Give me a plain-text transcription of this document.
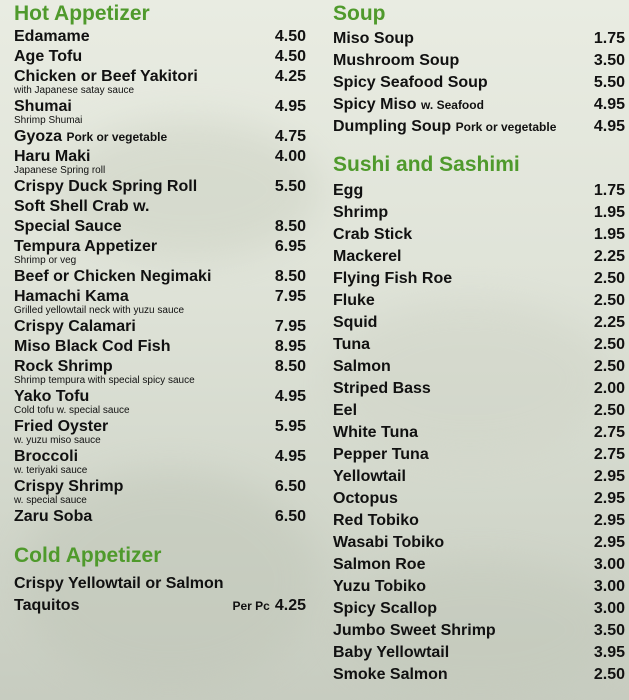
Hot Appetizer
Edamame	4.50
Age Tofu	4.50
Chicken or Beef Yakitori	4.25
with Japanese satay sauce
Shumai	4.95
Shrimp Shumai
Gyoza Pork or vegetable	4.75
Haru Maki	4.00
Japanese Spring roll
Crispy Duck Spring Roll	5.50
Soft Shell Crab w.
Special Sauce	8.50
Tempura Appetizer	6.95
Shrimp or veg
Beef or Chicken Negimaki	8.50
Hamachi Kama	7.95
Grilled yellowtail neck with yuzu sauce
Crispy Calamari	7.95
Miso Black Cod Fish	8.95
Rock Shrimp	8.50
Shrimp tempura with special spicy sauce
Yako Tofu	4.95
Cold tofu w. special sauce
Fried Oyster	5.95
w. yuzu miso sauce
Broccoli	4.95
w. teriyaki sauce
Crispy Shrimp	6.50
w. special sauce
Zaru Soba	6.50
Cold Appetizer
Crispy Yellowtail or Salmon
Taquitos	Per Pc 4.25
Soup
Miso Soup	1.75
Mushroom Soup	3.50
Spicy Seafood Soup	5.50
Spicy Miso w. Seafood	4.95
Dumpling Soup Pork or vegetable 4.95
Sushi and Sashimi
Egg	1.75
Shrimp	1.95
Crab Stick	1.95
Mackerel	2.25
Flying Fish Roe	2.50
Fluke	2.50
Squid	2.25
Tuna	2.50
Salmon	2.50
Striped Bass	2.00
Eel	2.50
White Tuna	2.75
Pepper Tuna	2.75
Yellowtail	2.95
Octopus	2.95
Red Tobiko	2.95
Wasabi Tobiko	2.95
Salmon Roe	3.00
Yuzu Tobiko	3.00
Spicy Scallop	3.00
Jumbo Sweet Shrimp	3.50
Baby Yellowtail	3.95
Smoke Salmon	2.50
